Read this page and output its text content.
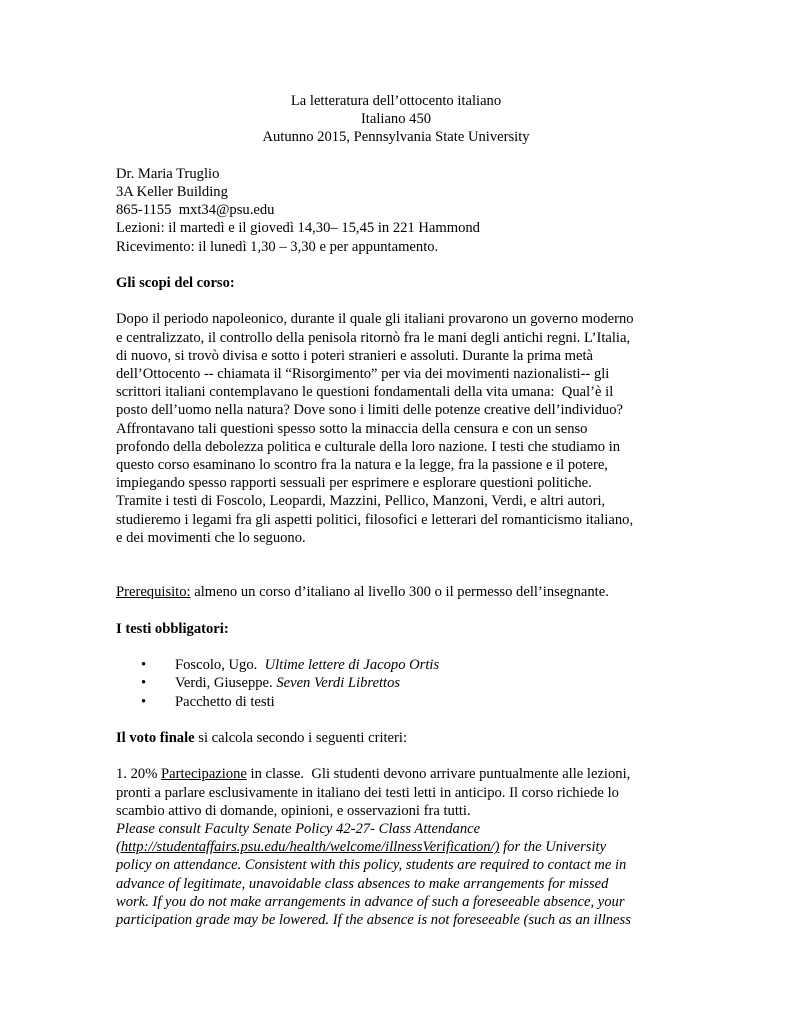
La letteratura dell’ottocento italiano
Italiano 450
Autunno 2015, Pennsylvania State University
Dr. Maria Truglio
3A Keller Building
865-1155  mxt34@psu.edu
Lezioni: il martedì e il giovedì 14,30– 15,45 in 221 Hammond
Ricevimento: il lunedì 1,30 – 3,30 e per appuntamento.
Gli scopi del corso:
Dopo il periodo napoleonico, durante il quale gli italiani provarono un governo moderno
e centralizzato, il controllo della penisola ritornò fra le mani degli antichi regni. L’Italia,
di nuovo, si trovò divisa e sotto i poteri stranieri e assoluti. Durante la prima metà
dell’Ottocento -- chiamata il “Risorgimento” per via dei movimenti nazionalisti-- gli
scrittori italiani contemplavano le questioni fondamentali della vita umana:  Qual’è il
posto dell’uomo nella natura? Dove sono i limiti delle potenze creative dell’individuo?
Affrontavano tali questioni spesso sotto la minaccia della censura e con un senso
profondo della debolezza politica e culturale della loro nazione. I testi che studiamo in
questo corso esaminano lo scontro fra la natura e la legge, fra la passione e il potere,
impiegando spesso rapporti sessuali per esprimere e esplorare questioni politiche.
Tramite i testi di Foscolo, Leopardi, Mazzini, Pellico, Manzoni, Verdi, e altri autori,
studieremo i legami fra gli aspetti politici, filosofici e letterari del romanticismo italiano,
e dei movimenti che lo seguono.
Prerequisito: almeno un corso d’italiano al livello 300 o il permesso dell’insegnante.
I testi obbligatori:
• Foscolo, Ugo.  Ultime lettere di Jacopo Ortis
• Verdi, Giuseppe. Seven Verdi Librettos
• Pacchetto di testi
Il voto finale si calcola secondo i seguenti criteri:
1. 20% Partecipazione in classe.  Gli studenti devono arrivare puntualmente alle lezioni,
pronti a parlare esclusivamente in italiano dei testi letti in anticipo. Il corso richiede lo
scambio attivo di domande, opinioni, e osservazioni fra tutti.
Please consult Faculty Senate Policy 42-27- Class Attendance
(http://studentaffairs.psu.edu/health/welcome/illnessVerification/) for the University
policy on attendance. Consistent with this policy, students are required to contact me in
advance of legitimate, unavoidable class absences to make arrangements for missed
work. If you do not make arrangements in advance of such a foreseeable absence, your
participation grade may be lowered. If the absence is not foreseeable (such as an illness
